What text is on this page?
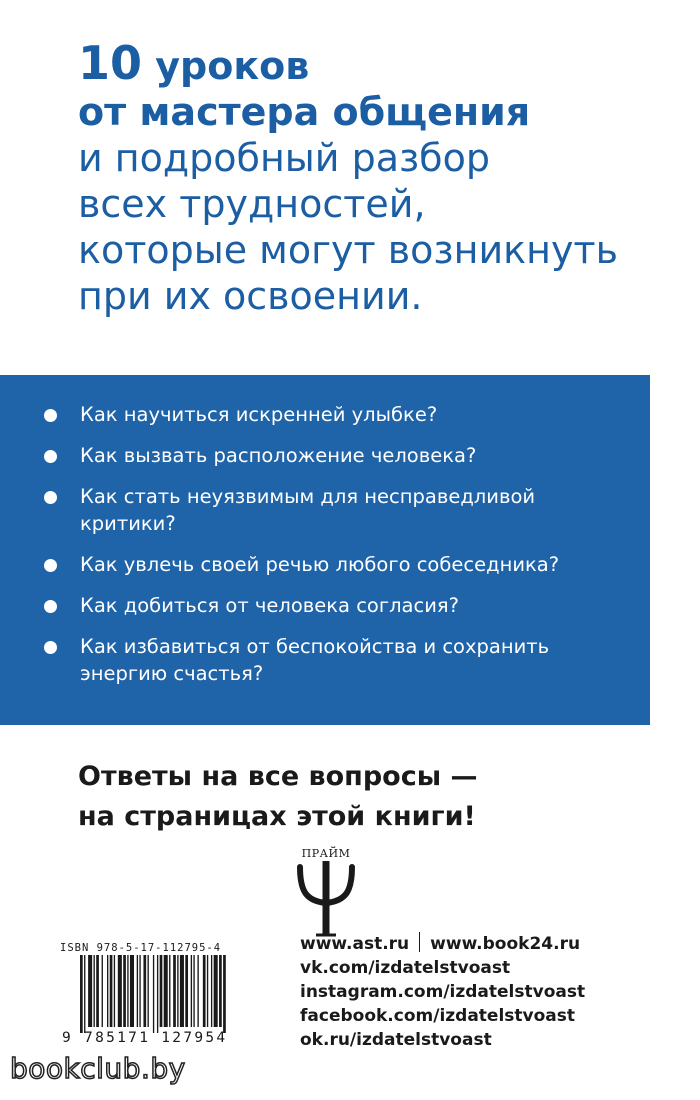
10 уроков
от мастера общения
и подробный разбор
всех трудностей,
которые могут возникнуть
при их освоении.
Как научиться искренней улыбке?
Как вызвать расположение человека?
Как стать неуязвимым для несправедливой
критики?
Как увлечь своей речью любого собеседника?
Как добиться от человека согласия?
Как избавиться от беспокойства и сохранить
энергию счастья?
Ответы на все вопросы —
на страницах этой книги!
ПРАЙМ
ISBN 978-5-17-112795-4
9 785171 127954
www.ast.ru www.book24.ru
vk.com/izdatelstvoast
instagram.com/izdatelstvoast
facebook.com/izdatelstvoast
ok.ru/izdatelstvoast
bookclub.by
